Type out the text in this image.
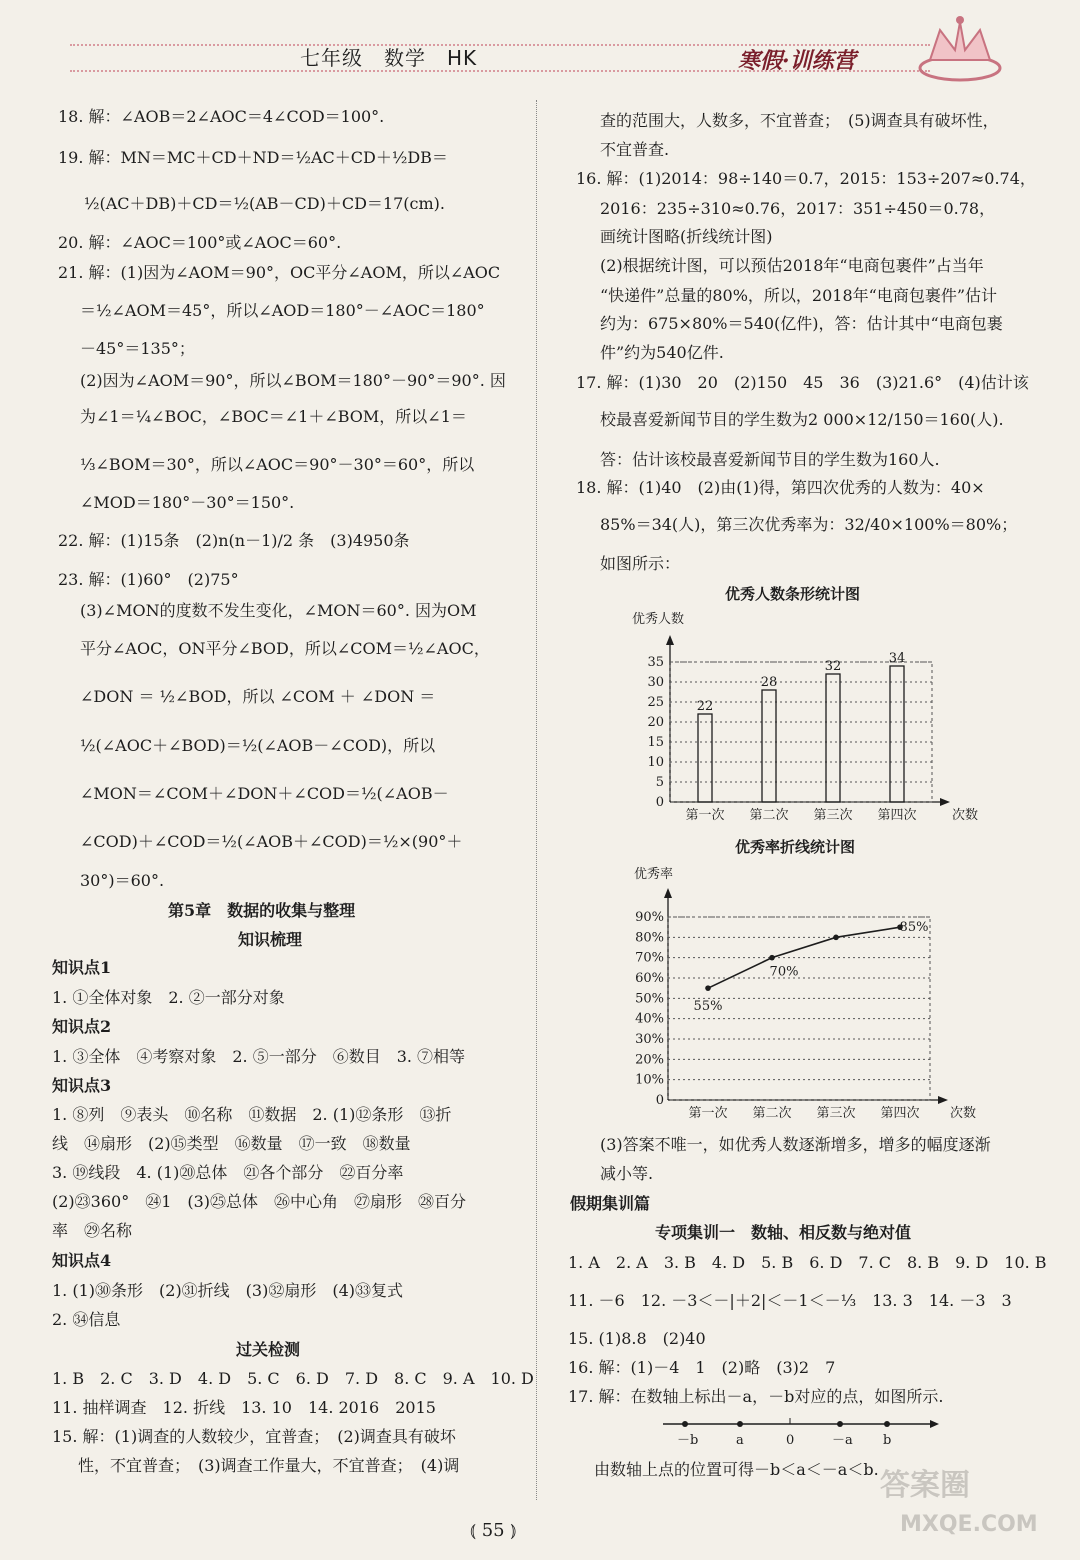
七年级　数学　HK	寒假·训练营
18. 解：∠AOB＝2∠AOC＝4∠COD＝100°.
19. 解：MN＝MC＋CD＋ND＝½AC＋CD＋½DB＝
½(AC＋DB)＋CD＝½(AB－CD)＋CD＝17(cm).
20. 解：∠AOC＝100°或∠AOC＝60°.
21. 解：(1)因为∠AOM＝90°，OC平分∠AOM，所以∠AOC
＝½∠AOM＝45°，所以∠AOD＝180°－∠AOC＝180°
－45°＝135°；
(2)因为∠AOM＝90°，所以∠BOM＝180°－90°＝90°. 因
为∠1＝¼∠BOC，∠BOC＝∠1＋∠BOM，所以∠1＝
⅓∠BOM＝30°，所以∠AOC＝90°－30°＝60°，所以
∠MOD＝180°－30°＝150°.
22. 解：(1)15条　(2)n(n－1)/2 条　(3)4950条
23. 解：(1)60°　(2)75°
(3)∠MON的度数不发生变化，∠MON＝60°. 因为OM
平分∠AOC，ON平分∠BOD，所以∠COM＝½∠AOC，
∠DON ＝ ½∠BOD，所以 ∠COM ＋ ∠DON ＝
½(∠AOC＋∠BOD)＝½(∠AOB－∠COD)，所以
∠MON＝∠COM＋∠DON＋∠COD＝½(∠AOB－
∠COD)＋∠COD＝½(∠AOB＋∠COD)＝½×(90°＋
30°)＝60°.
第5章　数据的收集与整理
知识梳理
知识点1
1. ①全体对象　2. ②一部分对象
知识点2
1. ③全体　④考察对象　2. ⑤一部分　⑥数目　3. ⑦相等
知识点3
1. ⑧列　⑨表头　⑩名称　⑪数据　2. (1)⑫条形　⑬折
线　⑭扇形　(2)⑮类型　⑯数量　⑰一致　⑱数量
3. ⑲线段　4. (1)⑳总体　㉑各个部分　㉒百分率
(2)㉓360°　㉔1　(3)㉕总体　㉖中心角　㉗扇形　㉘百分
率　㉙名称
知识点4
1. (1)㉚条形　(2)㉛折线　(3)㉜扇形　(4)㉝复式
2. ㉞信息
过关检测
1. B　2. C　3. D　4. D　5. C　6. D　7. D　8. C　9. A　10. D
11. 抽样调查　12. 折线　13. 10　14. 2016　2015
15. 解：(1)调查的人数较少，宜普查；　(2)调查具有破坏
性，不宜普查；　(3)调查工作量大，不宜普查；　(4)调
查的范围大，人数多，不宜普查；　(5)调查具有破坏性，
不宜普查.
16. 解：(1)2014：98÷140＝0.7，2015：153÷207≈0.74，
2016：235÷310≈0.76，2017：351÷450＝0.78，
画统计图略(折线统计图)
(2)根据统计图，可以预估2018年“电商包裹件”占当年
“快递件”总量的80%，所以，2018年“电商包裹件”估计
约为：675×80%＝540(亿件)，答：估计其中“电商包裹
件”约为540亿件.
17. 解：(1)30　20　(2)150　45　36　(3)21.6°　(4)估计该
校最喜爱新闻节目的学生数为2 000×12/150＝160(人).
答：估计该校最喜爱新闻节目的学生数为160人.
18. 解：(1)40　(2)由(1)得，第四次优秀的人数为：40×
85%＝34(人)，第三次优秀率为：32/40×100%＝80%；
如图所示：
优秀人数条形统计图
优秀人数
0
5
10
15
20
25
30
35
22
第一次
28
第二次
32
第三次
34
第四次	次数
优秀率折线统计图
优秀率
0
10%
20%
30%
40%
50%
60%
70%
80%
90%
55%
第一次
70%
第二次 第三次
85%
第四次 次数
(3)答案不唯一，如优秀人数逐渐增多，增多的幅度逐渐
减小等.
假期集训篇
专项集训一　数轴、相反数与绝对值
1. A　2. A　3. B　4. D　5. B　6. D　7. C　8. B　9. D　10. B
11. －6　12. －3＜－|＋2|＜－1＜－⅓　13. 3　14. －3　3
15. (1)8.8　(2)40
16. 解：(1)－4　1　(2)略　(3)2　7
17. 解：在数轴上标出－a，－b对应的点，如图所示.
－b	a	0	－a b
由数轴上点的位置可得－b＜a＜－a＜b.
⦅ 55 ⦆
答案圈
MXQE.COM
